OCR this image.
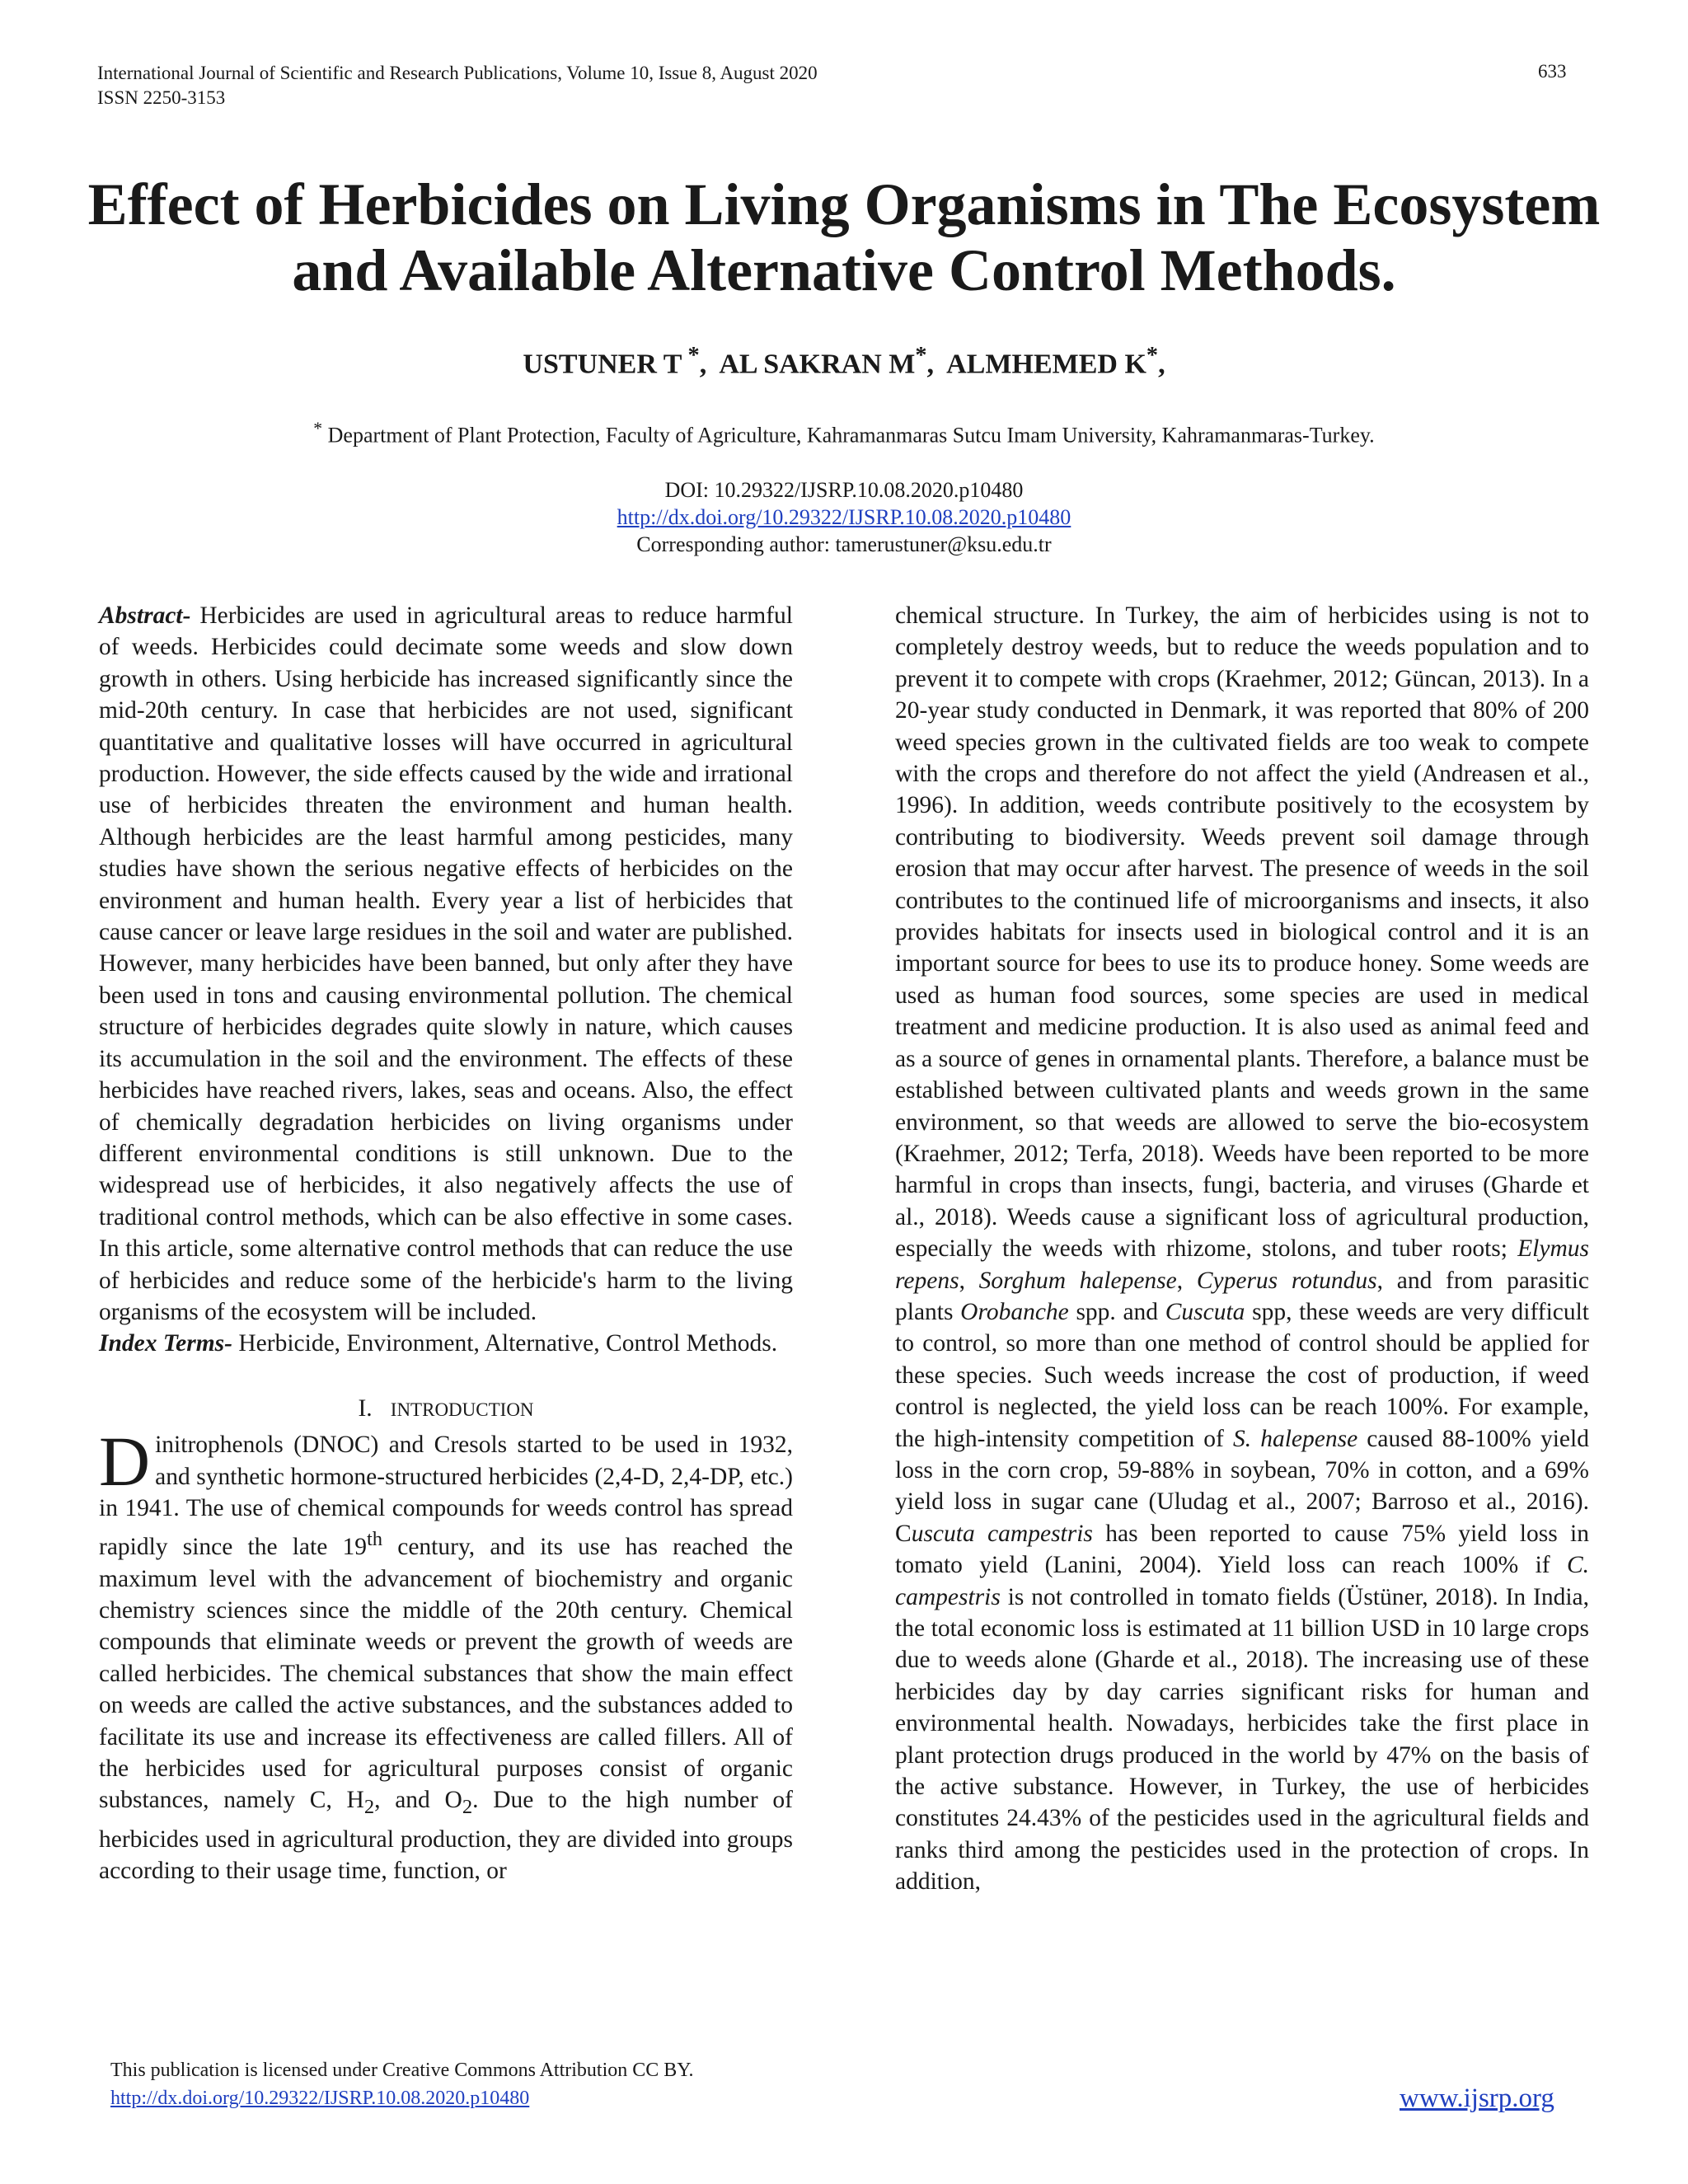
International Journal of Scientific and Research Publications, Volume 10, Issue 8, August 2020
ISSN 2250-3153
633
Effect of Herbicides on Living Organisms in The Ecosystem and Available Alternative Control Methods.
USTUNER T *,  AL SAKRAN M*,  ALMHEMED K*,
* Department of Plant Protection, Faculty of Agriculture, Kahramanmaras Sutcu Imam University, Kahramanmaras-Turkey.
DOI: 10.29322/IJSRP.10.08.2020.p10480
http://dx.doi.org/10.29322/IJSRP.10.08.2020.p10480
Corresponding author: tamerustuner@ksu.edu.tr

Abstract- Herbicides are used in agricultural areas to reduce harmful of weeds. Herbicides could decimate some weeds and slow down growth in others. Using herbicide has increased significantly since the mid-20th century. In case that herbicides are not used, significant quantitative and qualitative losses will have occurred in agricultural production. However, the side effects caused by the wide and irrational use of herbicides threaten the environment and human health. Although herbicides are the least harmful among pesticides, many studies have shown the serious negative effects of herbicides on the environment and human health. Every year a list of herbicides that cause cancer or leave large residues in the soil and water are published. However, many herbicides have been banned, but only after they have been used in tons and causing environmental pollution. The chemical structure of herbicides degrades quite slowly in nature, which causes its accumulation in the soil and the environment. The effects of these herbicides have reached rivers, lakes, seas and oceans. Also, the effect of chemically degradation herbicides on living organisms under different environmental conditions is still unknown. Due to the widespread use of herbicides, it also negatively affects the use of traditional control methods, which can be also effective in some cases. In this article, some alternative control methods that can reduce the use of herbicides and reduce some of the herbicide's harm to the living organisms of the ecosystem will be included.

Index Terms- Herbicide, Environment, Alternative, Control Methods.

I. INTRODUCTION

Dinitrophenols (DNOC) and Cresols started to be used in 1932, and synthetic hormone-structured herbicides (2,4-D, 2,4-DP, etc.) in 1941. The use of chemical compounds for weeds control has spread rapidly since the late 19th century, and its use has reached the maximum level with the advancement of biochemistry and organic chemistry sciences since the middle of the 20th century. Chemical compounds that eliminate weeds or prevent the growth of weeds are called herbicides. The chemical substances that show the main effect on weeds are called the active substances, and the substances added to facilitate its use and increase its effectiveness are called fillers. All of the herbicides used for agricultural purposes consist of organic substances, namely C, $H_2$, and $O_2$. Due to the high number of herbicides used in agricultural production, they are divided into groups according to their usage time, function, or

chemical structure. In Turkey, the aim of herbicides using is not to completely destroy weeds, but to reduce the weeds population and to prevent it to compete with crops (Kraehmer, 2012; Güncan, 2013). In a 20-year study conducted in Denmark, it was reported that 80% of 200 weed species grown in the cultivated fields are too weak to compete with the crops and therefore do not affect the yield (Andreasen et al., 1996). In addition, weeds contribute positively to the ecosystem by contributing to biodiversity. Weeds prevent soil damage through erosion that may occur after harvest. The presence of weeds in the soil contributes to the continued life of microorganisms and insects, it also provides habitats for insects used in biological control and it is an important source for bees to use its to produce honey. Some weeds are used as human food sources, some species are used in medical treatment and medicine production. It is also used as animal feed and as a source of genes in ornamental plants. Therefore, a balance must be established between cultivated plants and weeds grown in the same environment, so that weeds are allowed to serve the bio-ecosystem (Kraehmer, 2012; Terfa, 2018). Weeds have been reported to be more harmful in crops than insects, fungi, bacteria, and viruses (Gharde et al., 2018). Weeds cause a significant loss of agricultural production, especially the weeds with rhizome, stolons, and tuber roots; Elymus repens, Sorghum halepense, Cyperus rotundus, and from parasitic plants Orobanche spp. and Cuscuta spp, these weeds are very difficult to control, so more than one method of control should be applied for these species. Such weeds increase the cost of production, if weed control is neglected, the yield loss can be reach 100%. For example, the high-intensity competition of S. halepense caused 88-100% yield loss in the corn crop, 59-88% in soybean, 70% in cotton, and a 69% yield loss in sugar cane (Uludag et al., 2007; Barroso et al., 2016). Cuscuta campestris has been reported to cause 75% yield loss in tomato yield (Lanini, 2004). Yield loss can reach 100% if C. campestris is not controlled in tomato fields (Üstüner, 2018). In India, the total economic loss is estimated at 11 billion USD in 10 large crops due to weeds alone (Gharde et al., 2018). The increasing use of these herbicides day by day carries significant risks for human and environmental health. Nowadays, herbicides take the first place in plant protection drugs produced in the world by 47% on the basis of the active substance. However, in Turkey, the use of herbicides constitutes 24.43% of the pesticides used in the agricultural fields and ranks third among the pesticides used in the protection of crops. In addition,

This publication is licensed under Creative Commons Attribution CC BY.
http://dx.doi.org/10.29322/IJSRP.10.08.2020.p10480	www.ijsrp.org
